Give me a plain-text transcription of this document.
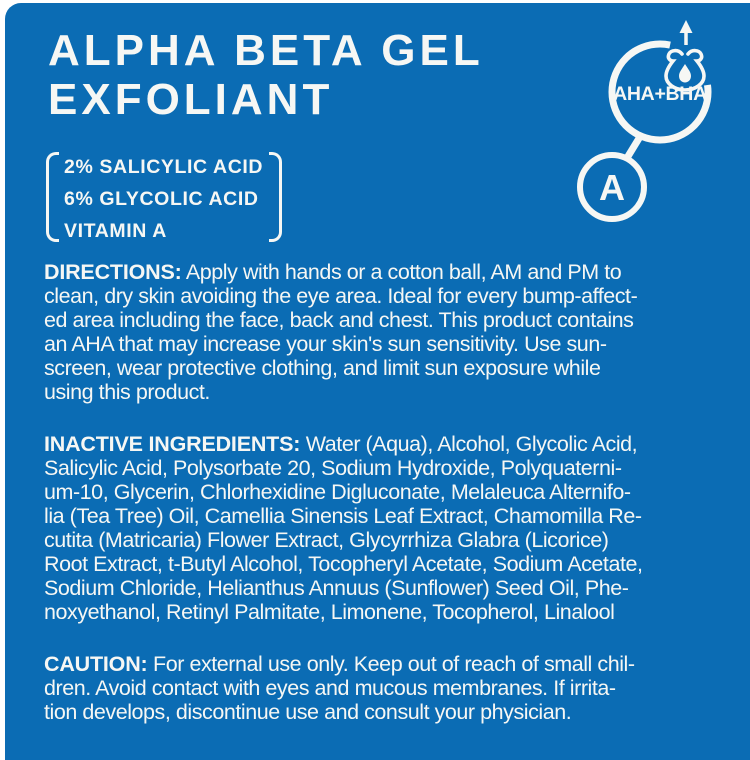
ALPHA BETA GEL
EXFOLIANT
2% SALICYLIC ACID
6% GLYCOLIC ACID
VITAMIN A
AHA+BHA
A
DIRECTIONS: Apply with hands or a cotton ball, AM and PM to
clean, dry skin avoiding the eye area. Ideal for every bump-affect-
ed area including the face, back and chest. This product contains
an AHA that may increase your skin's sun sensitivity. Use sun-
screen, wear protective clothing, and limit sun exposure while
using this product.
INACTIVE INGREDIENTS: Water (Aqua), Alcohol, Glycolic Acid,
Salicylic Acid, Polysorbate 20, Sodium Hydroxide, Polyquaterni-
um-10, Glycerin, Chlorhexidine Digluconate, Melaleuca Alternifo-
lia (Tea Tree) Oil, Camellia Sinensis Leaf Extract, Chamomilla Re-
cutita (Matricaria) Flower Extract, Glycyrrhiza Glabra (Licorice)
Root Extract, t-Butyl Alcohol, Tocopheryl Acetate, Sodium Acetate,
Sodium Chloride, Helianthus Annuus (Sunflower) Seed Oil, Phe-
noxyethanol, Retinyl Palmitate, Limonene, Tocopherol, Linalool
CAUTION: For external use only. Keep out of reach of small chil-
dren. Avoid contact with eyes and mucous membranes. If irrita-
tion develops, discontinue use and consult your physician.
